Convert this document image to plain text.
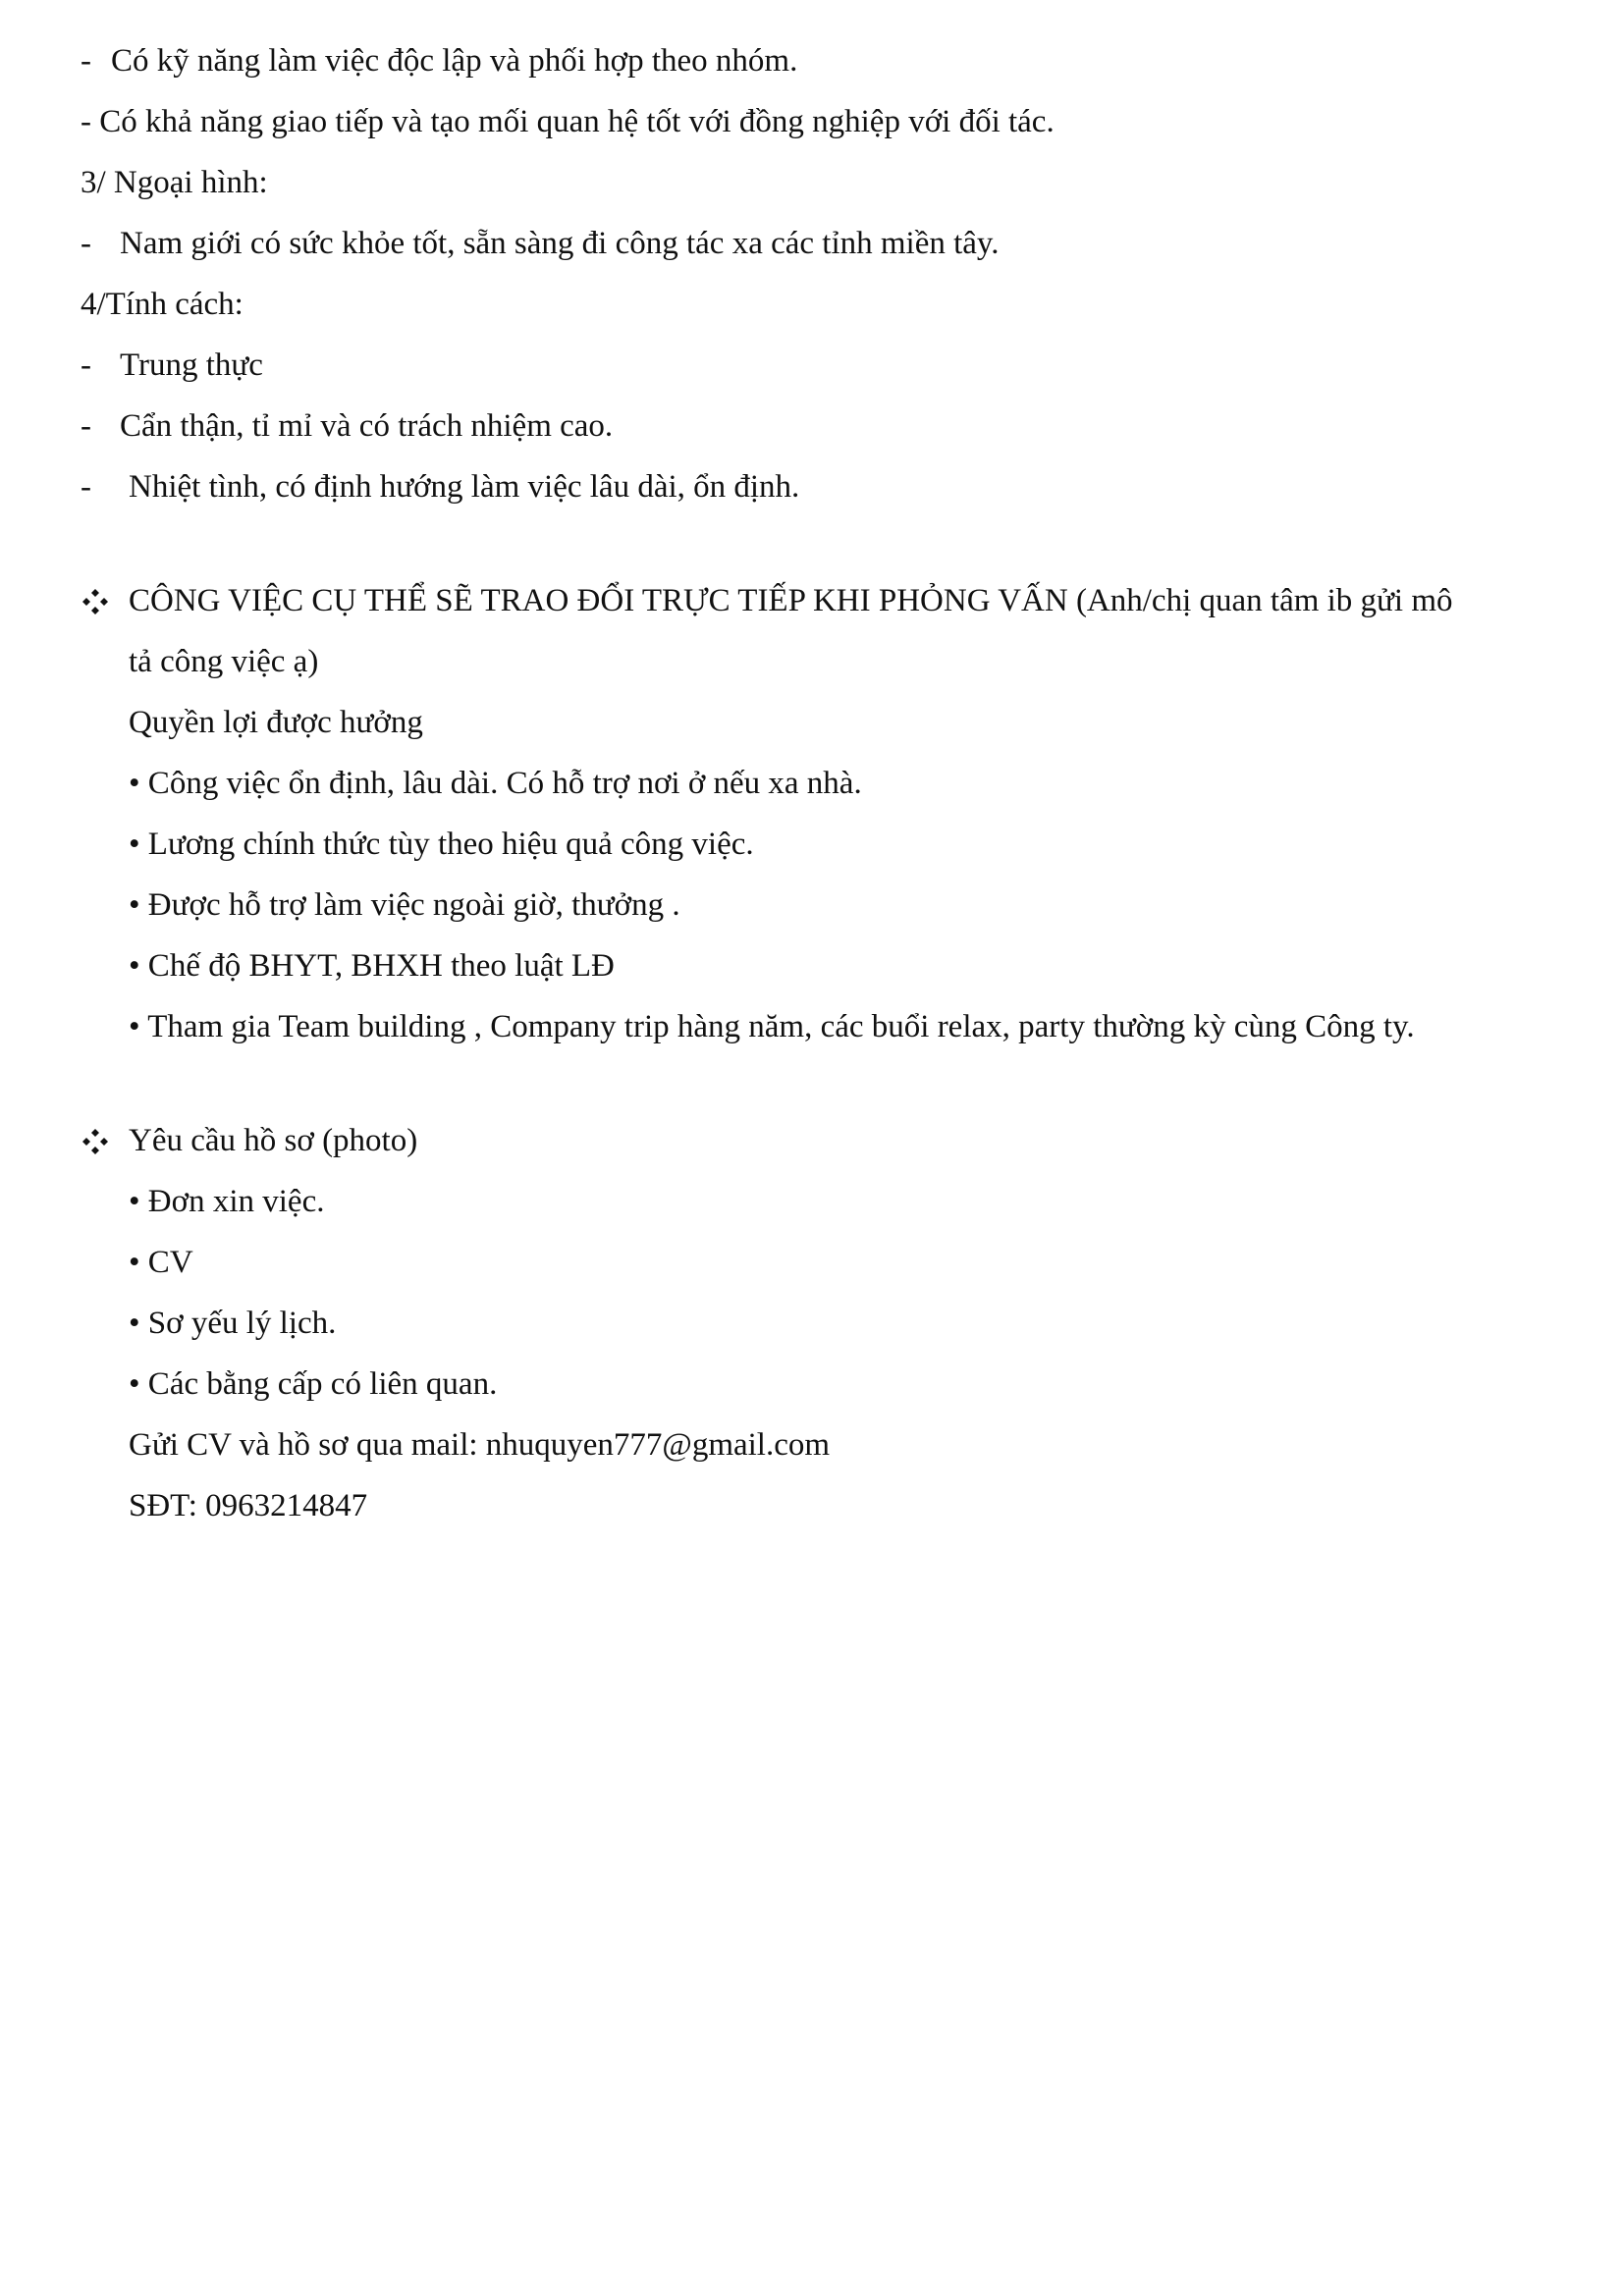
- Có kỹ năng làm việc độc lập và phối hợp theo nhóm.
- Có khả năng giao tiếp và tạo mối quan hệ tốt với đồng nghiệp với đối tác.
3/ Ngoại hình:
- Nam giới có sức khỏe tốt, sẵn sàng đi công tác xa các tỉnh miền tây.
4/Tính cách:
- Trung thực
- Cẩn thận, tỉ mỉ và có trách nhiệm cao.
- Nhiệt tình, có định hướng làm việc lâu dài, ổn định.
CÔNG VIỆC CỤ THỂ SẼ TRAO ĐỔI TRỰC TIẾP KHI PHỎNG VẤN (Anh/chị quan tâm ib gửi mô
tả công việc ạ)
Quyền lợi được hưởng
• Công việc ổn định, lâu dài. Có hỗ trợ nơi ở nếu xa nhà.
• Lương chính thức tùy theo hiệu quả công việc.
• Được hỗ trợ làm việc ngoài giờ, thưởng .
• Chế độ BHYT, BHXH theo luật LĐ
• Tham gia Team building , Company trip hàng năm, các buổi relax, party thường kỳ cùng Công ty.
Yêu cầu hồ sơ (photo)
• Đơn xin việc.
• CV
• Sơ yếu lý lịch.
• Các bằng cấp có liên quan.
Gửi CV và hồ sơ qua mail: nhuquyen777@gmail.com
SĐT: 0963214847
